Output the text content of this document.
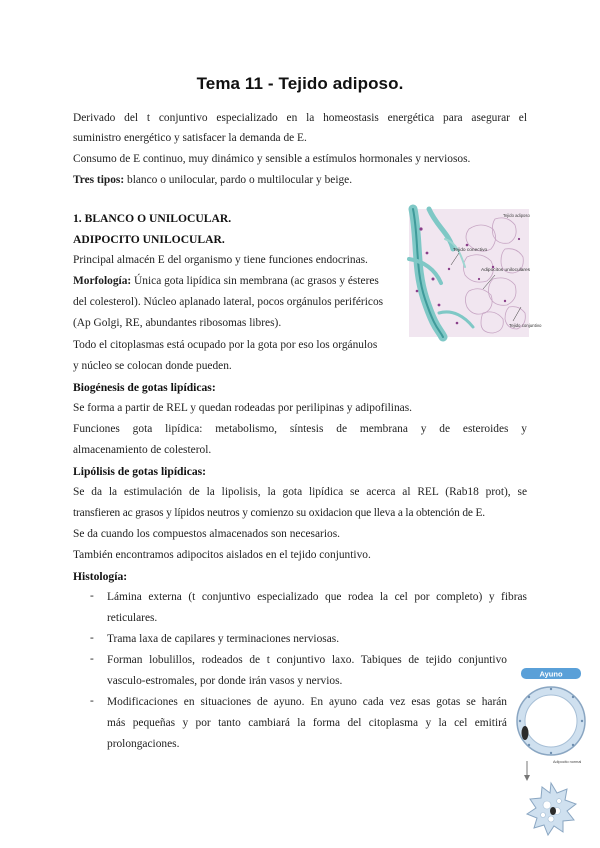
Tema 11 - Tejido adiposo.
Derivado del t conjuntivo especializado en la homeostasis energética para asegurar el
suministro energético y satisfacer la demanda de E.
Consumo de E continuo, muy dinámico y sensible a estímulos hormonales y nerviosos.
Tres tipos: blanco o unilocular, pardo o multilocular y beige.
1. BLANCO O UNILOCULAR.
ADIPOCITO UNILOCULAR.
Principal almacén E del organismo y tiene funciones endocrinas.
Morfología: Única gota lipídica sin membrana (ac grasos y ésteres
del colesterol). Núcleo aplanado lateral, pocos orgánulos periféricos
(Ap Golgi, RE, abundantes ribosomas libres).
Todo el citoplasmas está ocupado por la gota por eso los orgánulos
y núcleo se colocan donde pueden.
Tejido adiposo
Tejido conectivo
Adipocitos uniloculares
Tejido conjuntivo
Biogénesis de gotas lipídicas:
Se forma a partir de REL y quedan rodeadas por perilipinas y adipofilinas.
Funciones gota lipídica: metabolismo, síntesis de membrana y de esteroides y
almacenamiento de colesterol.
Lipólisis de gotas lipídicas:
Se da la estimulación de la lipolisis, la gota lipídica se acerca al REL (Rab18 prot), se
transfieren ac grasos y lípidos neutros y comienzo su oxidacion que lleva a la obtención de E.
Se da cuando los compuestos almacenados son necesarios.
También encontramos adipocitos aislados en el tejido conjuntivo.
Histología:
- Lámina externa (t conjuntivo especializado que rodea la cel por completo) y fibras
reticulares.
- Trama laxa de capilares y terminaciones nerviosas.
- Forman lobulillos, rodeados de t conjuntivo laxo. Tabiques de tejido conjuntivo
vasculo-estromales, por donde irán vasos y nervios.
- Modificaciones en situaciones de ayuno. En ayuno cada vez esas gotas se harán
más pequeñas y por tanto cambiará la forma del citoplasma y la cel emitirá
prolongaciones.
Ayuno
Adipocito normal
